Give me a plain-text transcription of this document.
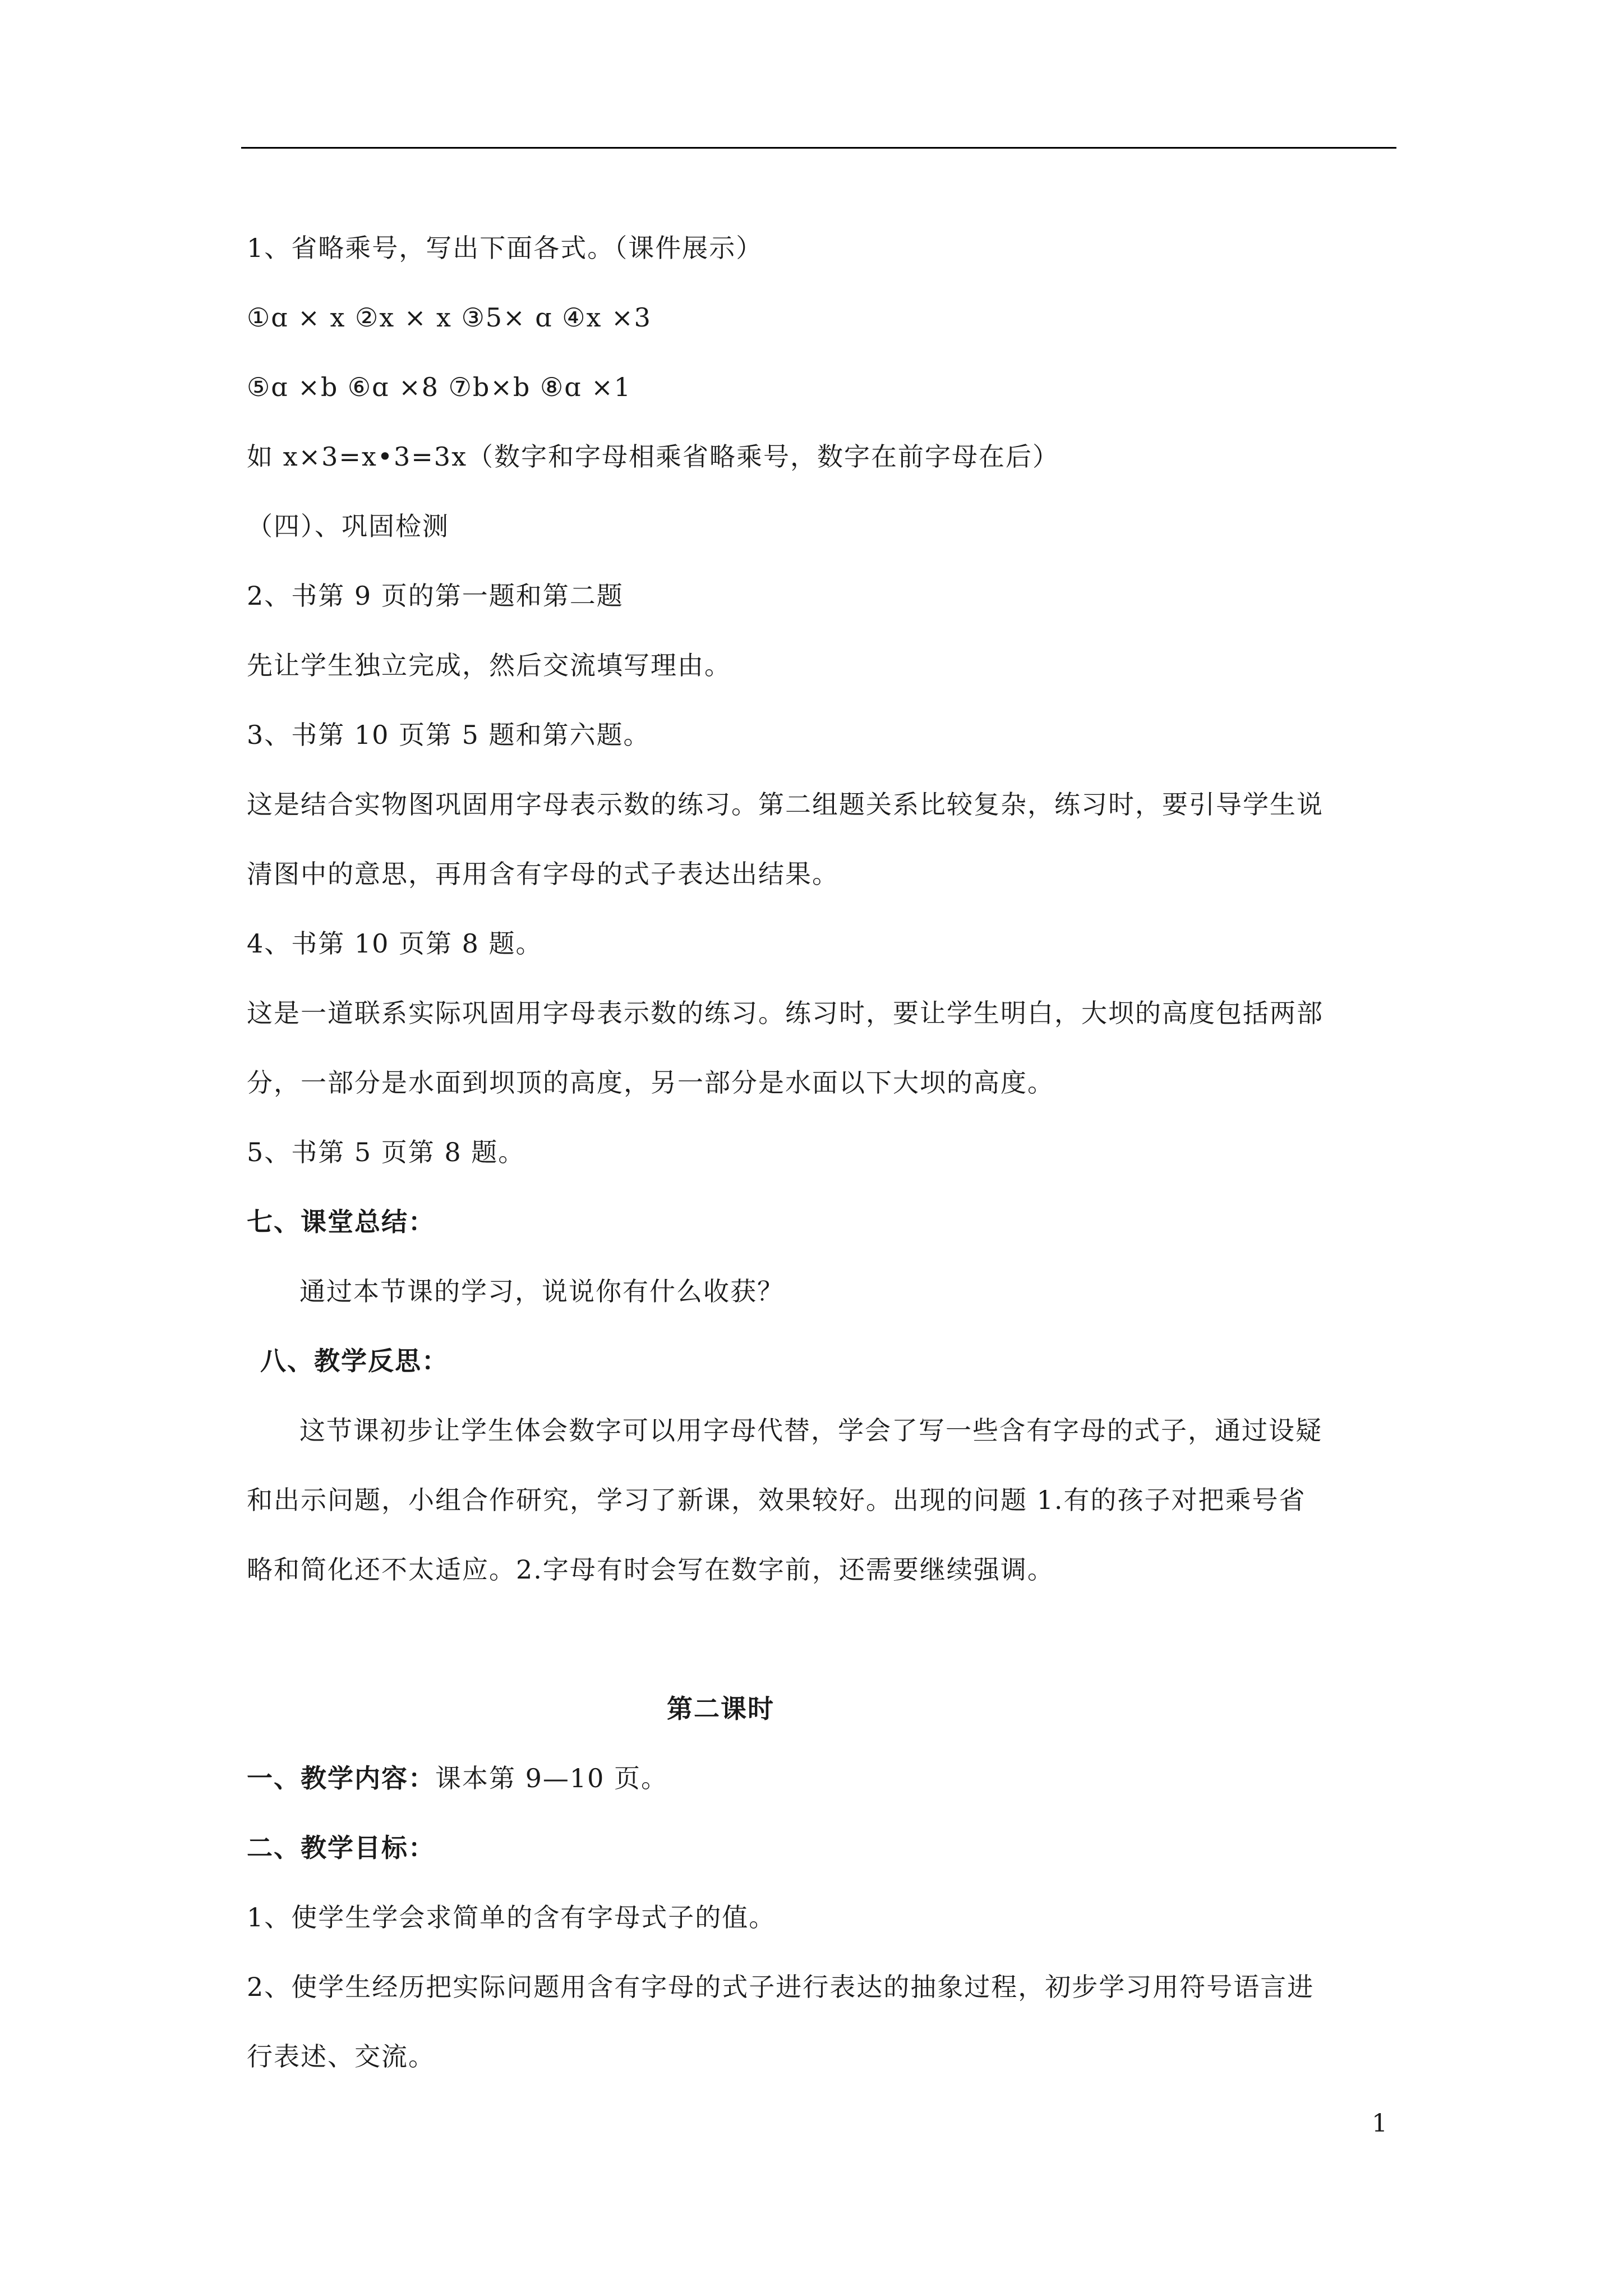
1、省略乘号，写出下面各式。（课件展示）
①ɑ × x ②x × x ③5× ɑ ④x ×3
⑤ɑ ×b ⑥ɑ ×8 ⑦b×b ⑧ɑ ×1
如 x×3=x•3=3x（数字和字母相乘省略乘号，数字在前字母在后）
（四）、巩固检测
2、书第 9 页的第一题和第二题
先让学生独立完成，然后交流填写理由。
3、书第 10 页第 5 题和第六题。
这是结合实物图巩固用字母表示数的练习。第二组题关系比较复杂，练习时，要引导学生说
清图中的意思，再用含有字母的式子表达出结果。
4、书第 10 页第 8 题。
这是一道联系实际巩固用字母表示数的练习。练习时，要让学生明白，大坝的高度包括两部
分，一部分是水面到坝顶的高度，另一部分是水面以下大坝的高度。
5、书第 5 页第 8 题。
七、课堂总结：
通过本节课的学习，说说你有什么收获？
八、教学反思：
这节课初步让学生体会数字可以用字母代替，学会了写一些含有字母的式子，通过设疑
和出示问题，小组合作研究，学习了新课，效果较好。出现的问题 1.有的孩子对把乘号省
略和简化还不太适应。2.字母有时会写在数字前，还需要继续强调。
第二课时
一、教学内容：课本第 9—10 页。
二、教学目标：
1、使学生学会求简单的含有字母式子的值。
2、使学生经历把实际问题用含有字母的式子进行表达的抽象过程，初步学习用符号语言进
行表述、交流。
1
